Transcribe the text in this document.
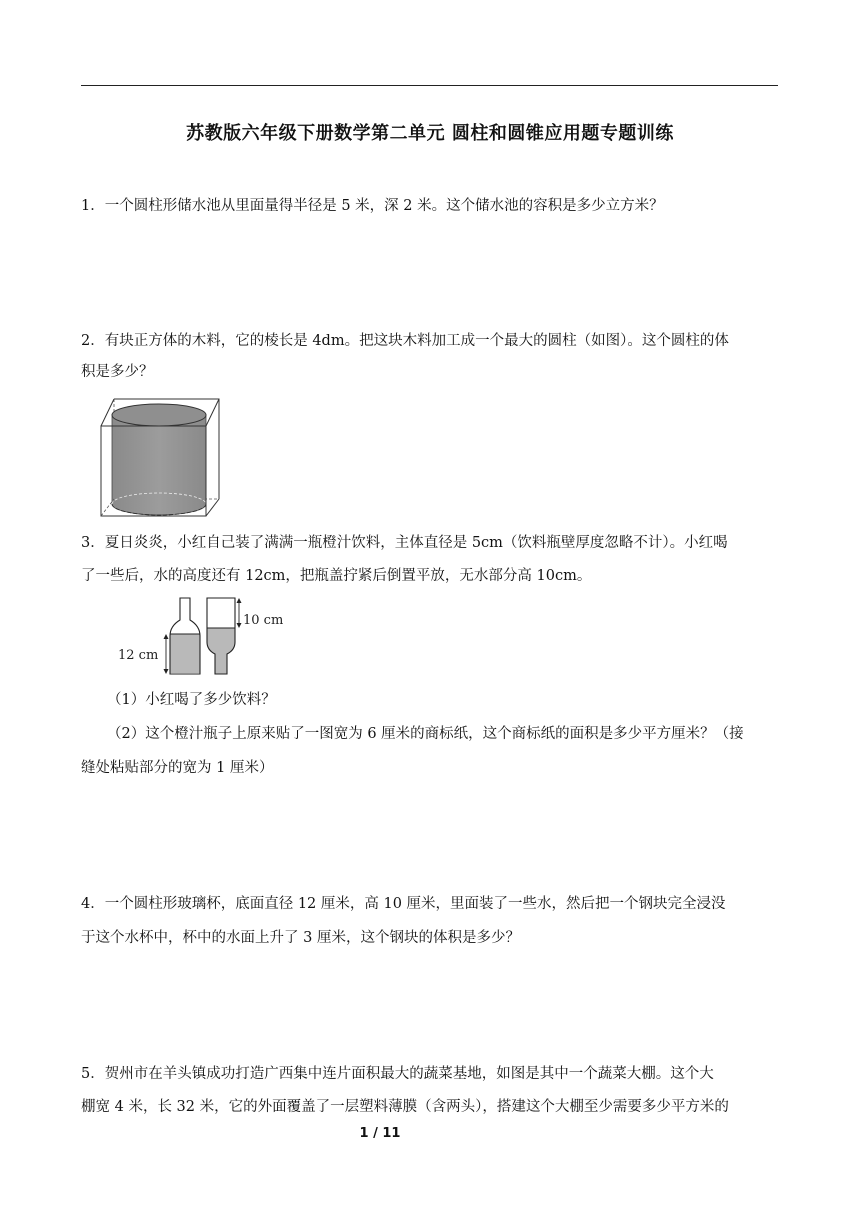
苏教版六年级下册数学第二单元 圆柱和圆锥应用题专题训练
1．一个圆柱形储水池从里面量得半径是 5 米，深 2 米。这个储水池的容积是多少立方米？
2．有块正方体的木料，它的棱长是 4dm。把这块木料加工成一个最大的圆柱（如图）。这个圆柱的体
积是多少？
3．夏日炎炎，小红自己装了满满一瓶橙汁饮料，主体直径是 5cm（饮料瓶壁厚度忽略不计）。小红喝
了一些后，水的高度还有 12cm，把瓶盖拧紧后倒置平放，无水部分高 10cm。
12 cm
10 cm
（1）小红喝了多少饮料？
（2）这个橙汁瓶子上原来贴了一图宽为 6 厘米的商标纸，这个商标纸的面积是多少平方厘米？（接
缝处粘贴部分的宽为 1 厘米）
4．一个圆柱形玻璃杯，底面直径 12 厘米，高 10 厘米，里面装了一些水，然后把一个钢块完全浸没
于这个水杯中，杯中的水面上升了 3 厘米，这个钢块的体积是多少？
5．贺州市在羊头镇成功打造广西集中连片面积最大的蔬菜基地，如图是其中一个蔬菜大棚。这个大
棚宽 4 米，长 32 米，它的外面覆盖了一层塑料薄膜（含两头），搭建这个大棚至少需要多少平方米的
1 / 11
